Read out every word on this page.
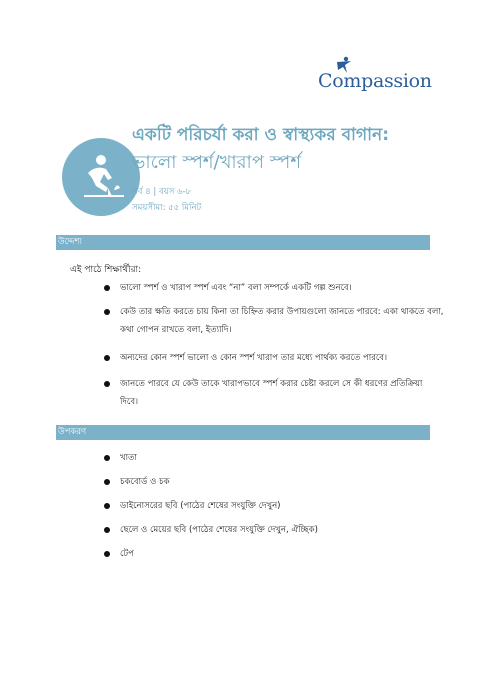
Compassion
একটি পরিচর্যা করা ও স্বাস্থ্যকর বাগান:
ভালো স্পর্শ/খারাপ স্পর্শ
পর্ব ৪ | বয়স ৬-৮
সময়সীমা: ৫৫ মিনিট
উদ্দেশ্য
এই পাঠে শিক্ষার্থীরা:
ভালো স্পর্শ ও খারাপ স্পর্শ এবং “না” বলা সম্পর্কে একটি গল্প শুনবে।
কেউ তার ক্ষতি করতে চায় কিনা তা চিহ্নিত করার উপায়গুলো জানতে পারবে: একা থাকতে বলা,
কথা গোপন রাখতে বলা, ইত্যাদি।
অন্যদের কোন স্পর্শ ভালো ও কোন স্পর্শ খারাপ তার মধ্যে পার্থক্য করতে পারবে।
জানতে পারবে যে কেউ তাকে খারাপভাবে স্পর্শ করার চেষ্টা করলে সে কী ধরণের প্রতিক্রিয়া
দিবে।
উপকরণ
খাতা
চকবোর্ড ও চক
ডাইনোসরের ছবি (পাঠের শেষের সংযুক্তি দেখুন)
ছেলে ও মেয়ের ছবি (পাঠের শেষের সংযুক্তি দেখুন, ঐচ্ছিক)
টেপ
